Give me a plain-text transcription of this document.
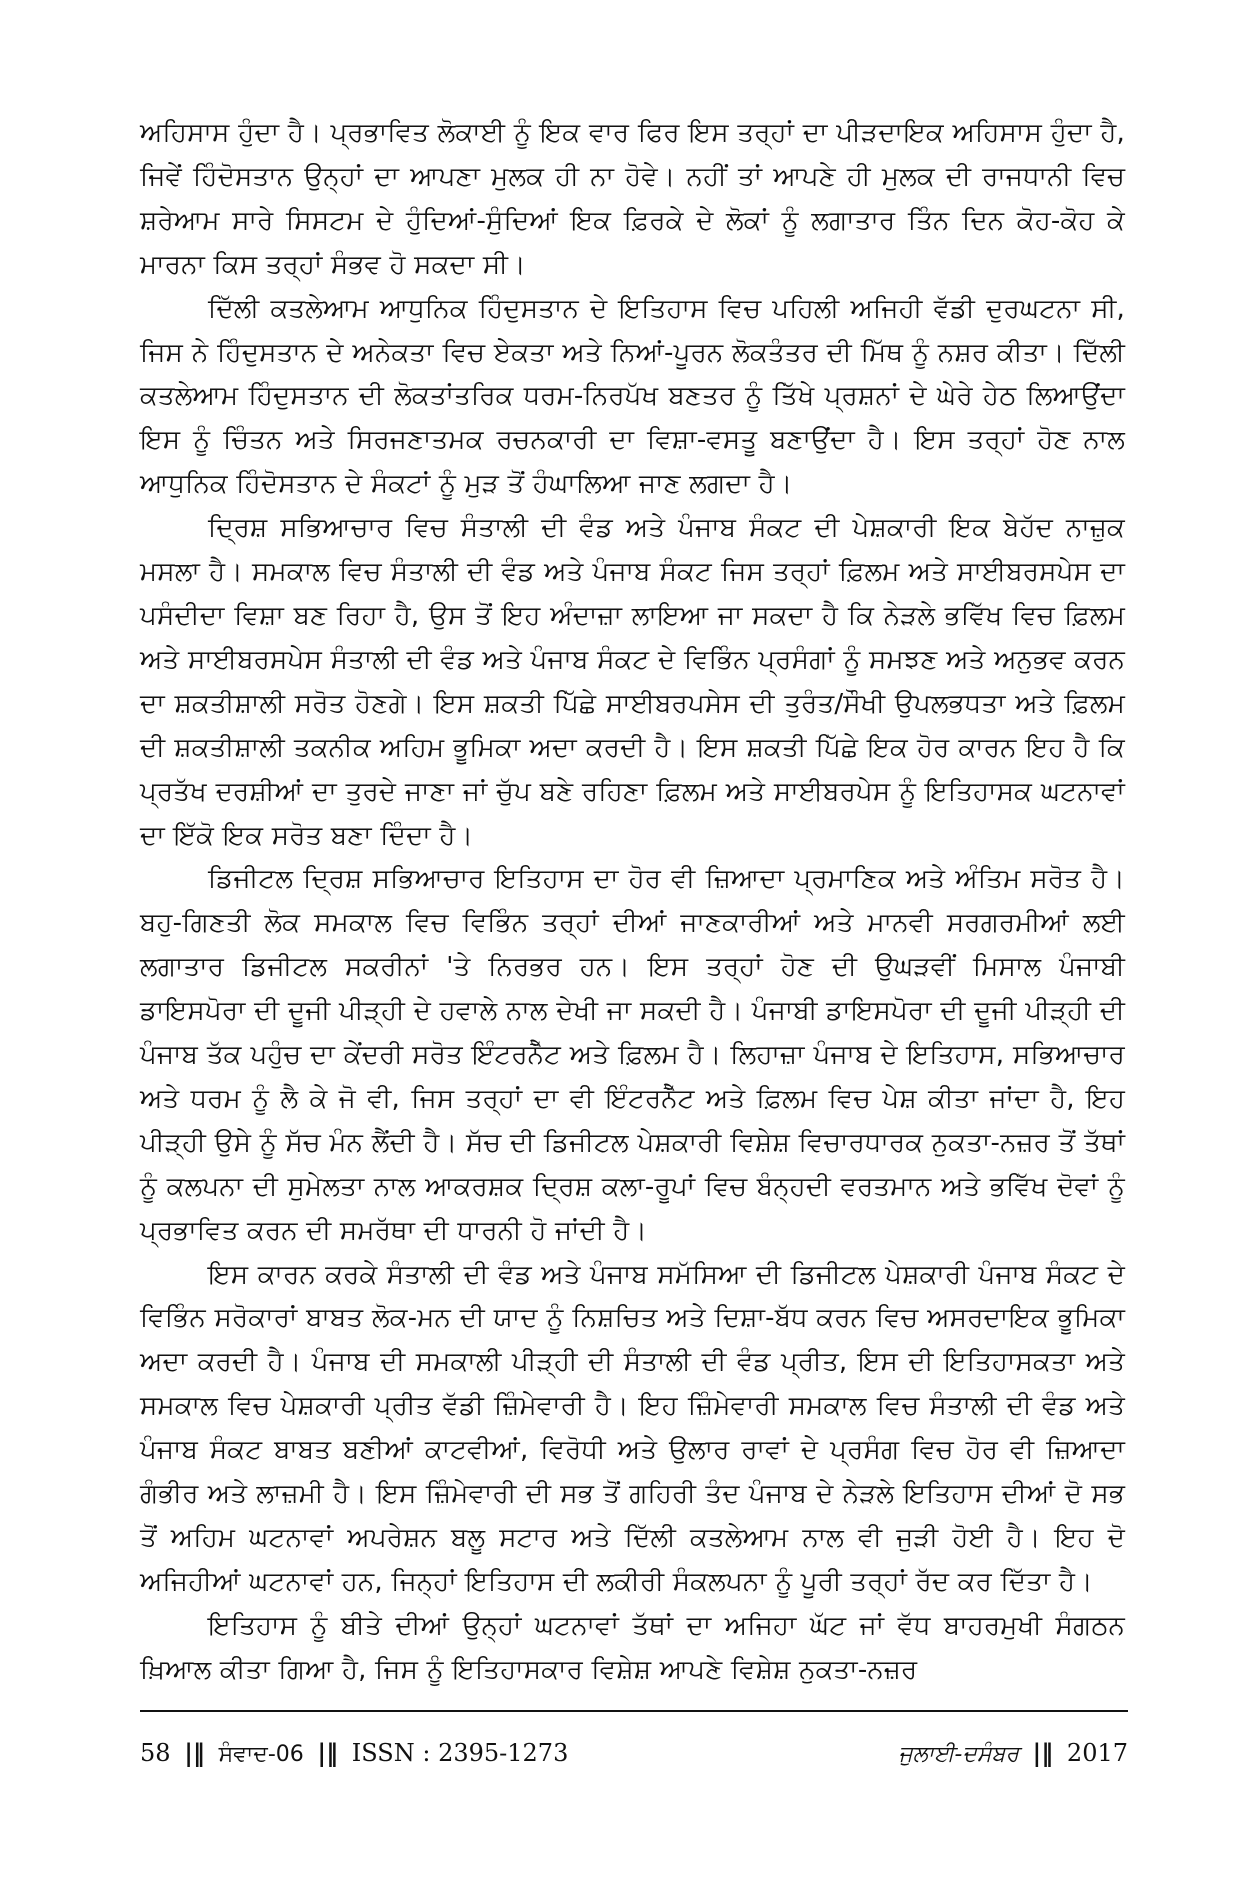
ਅਹਿਸਾਸ ਹੁੰਦਾ ਹੈ। ਪ੍ਰਭਾਵਿਤ ਲੋਕਾਈ ਨੂੰ ਇਕ ਵਾਰ ਫਿਰ ਇਸ ਤਰ੍ਹਾਂ ਦਾ ਪੀੜਦਾਇਕ ਅਹਿਸਾਸ ਹੁੰਦਾ ਹੈ, ਜਿਵੇਂ ਹਿੰਦੋਸਤਾਨ ਉਨ੍ਹਾਂ ਦਾ ਆਪਣਾ ਮੁਲਕ ਹੀ ਨਾ ਹੋਵੇ। ਨਹੀਂ ਤਾਂ ਆਪਣੇ ਹੀ ਮੁਲਕ ਦੀ ਰਾਜਧਾਨੀ ਵਿਚ ਸ਼ਰੇਆਮ ਸਾਰੇ ਸਿਸਟਮ ਦੇ ਹੁੰਦਿਆਂ-ਸੁੰਦਿਆਂ ਇਕ ਫ਼ਿਰਕੇ ਦੇ ਲੋਕਾਂ ਨੂੰ ਲਗਾਤਾਰ ਤਿੰਨ ਦਿਨ ਕੋਹ-ਕੋਹ ਕੇ ਮਾਰਨਾ ਕਿਸ ਤਰ੍ਹਾਂ ਸੰਭਵ ਹੋ ਸਕਦਾ ਸੀ।

ਦਿੱਲੀ ਕਤਲੇਆਮ ਆਧੁਨਿਕ ਹਿੰਦੁਸਤਾਨ ਦੇ ਇਤਿਹਾਸ ਵਿਚ ਪਹਿਲੀ ਅਜਿਹੀ ਵੱਡੀ ਦੁਰਘਟਨਾ ਸੀ, ਜਿਸ ਨੇ ਹਿੰਦੁਸਤਾਨ ਦੇ ਅਨੇਕਤਾ ਵਿਚ ਏਕਤਾ ਅਤੇ ਨਿਆਂ-ਪੂਰਨ ਲੋਕਤੰਤਰ ਦੀ ਮਿੱਥ ਨੂੰ ਨਸ਼ਰ ਕੀਤਾ। ਦਿੱਲੀ ਕਤਲੇਆਮ ਹਿੰਦੁਸਤਾਨ ਦੀ ਲੋਕਤਾਂਤਰਿਕ ਧਰਮ-ਨਿਰਪੱਖ ਬਣਤਰ ਨੂੰ ਤਿੱਖੇ ਪ੍ਰਸ਼ਨਾਂ ਦੇ ਘੇਰੇ ਹੇਠ ਲਿਆਉਂਦਾ ਇਸ ਨੂੰ ਚਿੰਤਨ ਅਤੇ ਸਿਰਜਣਾਤਮਕ ਰਚਨਕਾਰੀ ਦਾ ਵਿਸ਼ਾ-ਵਸਤੂ ਬਣਾਉਂਦਾ ਹੈ। ਇਸ ਤਰ੍ਹਾਂ ਹੋਣ ਨਾਲ ਆਧੁਨਿਕ ਹਿੰਦੋਸਤਾਨ ਦੇ ਸੰਕਟਾਂ ਨੂੰ ਮੁੜ ਤੋਂ ਹੰਘਾਲਿਆ ਜਾਣ ਲਗਦਾ ਹੈ।

ਦ੍ਰਿਸ਼ ਸਭਿਆਚਾਰ ਵਿਚ ਸੰਤਾਲੀ ਦੀ ਵੰਡ ਅਤੇ ਪੰਜਾਬ ਸੰਕਟ ਦੀ ਪੇਸ਼ਕਾਰੀ ਇਕ ਬੇਹੱਦ ਨਾਜ਼ੁਕ ਮਸਲਾ ਹੈ। ਸਮਕਾਲ ਵਿਚ ਸੰਤਾਲੀ ਦੀ ਵੰਡ ਅਤੇ ਪੰਜਾਬ ਸੰਕਟ ਜਿਸ ਤਰ੍ਹਾਂ ਫ਼ਿਲਮ ਅਤੇ ਸਾਈਬਰਸਪੇਸ ਦਾ ਪਸੰਦੀਦਾ ਵਿਸ਼ਾ ਬਣ ਰਿਹਾ ਹੈ, ਉਸ ਤੋਂ ਇਹ ਅੰਦਾਜ਼ਾ ਲਾਇਆ ਜਾ ਸਕਦਾ ਹੈ ਕਿ ਨੇੜਲੇ ਭਵਿੱਖ ਵਿਚ ਫ਼ਿਲਮ ਅਤੇ ਸਾਈਬਰਸਪੇਸ ਸੰਤਾਲੀ ਦੀ ਵੰਡ ਅਤੇ ਪੰਜਾਬ ਸੰਕਟ ਦੇ ਵਿਭਿੰਨ ਪ੍ਰਸੰਗਾਂ ਨੂੰ ਸਮਝਣ ਅਤੇ ਅਨੁਭਵ ਕਰਨ ਦਾ ਸ਼ਕਤੀਸ਼ਾਲੀ ਸਰੋਤ ਹੋਣਗੇ। ਇਸ ਸ਼ਕਤੀ ਪਿੱਛੇ ਸਾਈਬਰਪਸੇਸ ਦੀ ਤੁਰੰਤ/ਸੌਖੀ ਉਪਲਭਧਤਾ ਅਤੇ ਫ਼ਿਲਮ ਦੀ ਸ਼ਕਤੀਸ਼ਾਲੀ ਤਕਨੀਕ ਅਹਿਮ ਭੂਮਿਕਾ ਅਦਾ ਕਰਦੀ ਹੈ। ਇਸ ਸ਼ਕਤੀ ਪਿੱਛੇ ਇਕ ਹੋਰ ਕਾਰਨ ਇਹ ਹੈ ਕਿ ਪ੍ਰਤੱਖ ਦਰਸ਼ੀਆਂ ਦਾ ਤੁਰਦੇ ਜਾਣਾ ਜਾਂ ਚੁੱਪ ਬਣੇ ਰਹਿਣਾ ਫ਼ਿਲਮ ਅਤੇ ਸਾਈਬਰਪੇਸ ਨੂੰ ਇਤਿਹਾਸਕ ਘਟਨਾਵਾਂ ਦਾ ਇੱਕੋ ਇਕ ਸਰੋਤ ਬਣਾ ਦਿੰਦਾ ਹੈ।

ਡਿਜੀਟਲ ਦ੍ਰਿਸ਼ ਸਭਿਆਚਾਰ ਇਤਿਹਾਸ ਦਾ ਹੋਰ ਵੀ ਜ਼ਿਆਦਾ ਪ੍ਰਮਾਣਿਕ ਅਤੇ ਅੰਤਿਮ ਸਰੋਤ ਹੈ। ਬਹੁ-ਗਿਣਤੀ ਲੋਕ ਸਮਕਾਲ ਵਿਚ ਵਿਭਿੰਨ ਤਰ੍ਹਾਂ ਦੀਆਂ ਜਾਣਕਾਰੀਆਂ ਅਤੇ ਮਾਨਵੀ ਸਰਗਰਮੀਆਂ ਲਈ ਲਗਾਤਾਰ ਡਿਜੀਟਲ ਸਕਰੀਨਾਂ 'ਤੇ ਨਿਰਭਰ ਹਨ। ਇਸ ਤਰ੍ਹਾਂ ਹੋਣ ਦੀ ਉਘੜਵੀਂ ਮਿਸਾਲ ਪੰਜਾਬੀ ਡਾਇਸਪੋਰਾ ਦੀ ਦੂਜੀ ਪੀੜ੍ਹੀ ਦੇ ਹਵਾਲੇ ਨਾਲ ਦੇਖੀ ਜਾ ਸਕਦੀ ਹੈ। ਪੰਜਾਬੀ ਡਾਇਸਪੋਰਾ ਦੀ ਦੂਜੀ ਪੀੜ੍ਹੀ ਦੀ ਪੰਜਾਬ ਤੱਕ ਪਹੁੰਚ ਦਾ ਕੇਂਦਰੀ ਸਰੋਤ ਇੰਟਰਨੈੱਟ ਅਤੇ ਫ਼ਿਲਮ ਹੈ। ਲਿਹਾਜ਼ਾ ਪੰਜਾਬ ਦੇ ਇਤਿਹਾਸ, ਸਭਿਆਚਾਰ ਅਤੇ ਧਰਮ ਨੂੰ ਲੈ ਕੇ ਜੋ ਵੀ, ਜਿਸ ਤਰ੍ਹਾਂ ਦਾ ਵੀ ਇੰਟਰਨੈੱਟ ਅਤੇ ਫ਼ਿਲਮ ਵਿਚ ਪੇਸ਼ ਕੀਤਾ ਜਾਂਦਾ ਹੈ, ਇਹ ਪੀੜ੍ਹੀ ਉਸੇ ਨੂੰ ਸੱਚ ਮੰਨ ਲੈਂਦੀ ਹੈ। ਸੱਚ ਦੀ ਡਿਜੀਟਲ ਪੇਸ਼ਕਾਰੀ ਵਿਸ਼ੇਸ਼ ਵਿਚਾਰਧਾਰਕ ਨੁਕਤਾ-ਨਜ਼ਰ ਤੋਂ ਤੱਥਾਂ ਨੂੰ ਕਲਪਨਾ ਦੀ ਸੁਮੇਲਤਾ ਨਾਲ ਆਕਰਸ਼ਕ ਦ੍ਰਿਸ਼ ਕਲਾ-ਰੂਪਾਂ ਵਿਚ ਬੰਨ੍ਹਦੀ ਵਰਤਮਾਨ ਅਤੇ ਭਵਿੱਖ ਦੋਵਾਂ ਨੂੰ ਪ੍ਰਭਾਵਿਤ ਕਰਨ ਦੀ ਸਮਰੱਥਾ ਦੀ ਧਾਰਨੀ ਹੋ ਜਾਂਦੀ ਹੈ।

ਇਸ ਕਾਰਨ ਕਰਕੇ ਸੰਤਾਲੀ ਦੀ ਵੰਡ ਅਤੇ ਪੰਜਾਬ ਸਮੱਸਿਆ ਦੀ ਡਿਜੀਟਲ ਪੇਸ਼ਕਾਰੀ ਪੰਜਾਬ ਸੰਕਟ ਦੇ ਵਿਭਿੰਨ ਸਰੋਕਾਰਾਂ ਬਾਬਤ ਲੋਕ-ਮਨ ਦੀ ਯਾਦ ਨੂੰ ਨਿਸ਼ਚਿਤ ਅਤੇ ਦਿਸ਼ਾ-ਬੱਧ ਕਰਨ ਵਿਚ ਅਸਰਦਾਇਕ ਭੂਮਿਕਾ ਅਦਾ ਕਰਦੀ ਹੈ। ਪੰਜਾਬ ਦੀ ਸਮਕਾਲੀ ਪੀੜ੍ਹੀ ਦੀ ਸੰਤਾਲੀ ਦੀ ਵੰਡ ਪ੍ਰੀਤ, ਇਸ ਦੀ ਇਤਿਹਾਸਕਤਾ ਅਤੇ ਸਮਕਾਲ ਵਿਚ ਪੇਸ਼ਕਾਰੀ ਪ੍ਰੀਤ ਵੱਡੀ ਜ਼ਿੰਮੇਵਾਰੀ ਹੈ। ਇਹ ਜ਼ਿੰਮੇਵਾਰੀ ਸਮਕਾਲ ਵਿਚ ਸੰਤਾਲੀ ਦੀ ਵੰਡ ਅਤੇ ਪੰਜਾਬ ਸੰਕਟ ਬਾਬਤ ਬਣੀਆਂ ਕਾਟਵੀਆਂ, ਵਿਰੋਧੀ ਅਤੇ ਉਲਾਰ ਰਾਵਾਂ ਦੇ ਪ੍ਰਸੰਗ ਵਿਚ ਹੋਰ ਵੀ ਜ਼ਿਆਦਾ ਗੰਭੀਰ ਅਤੇ ਲਾਜ਼ਮੀ ਹੈ। ਇਸ ਜ਼ਿੰਮੇਵਾਰੀ ਦੀ ਸਭ ਤੋਂ ਗਹਿਰੀ ਤੰਦ ਪੰਜਾਬ ਦੇ ਨੇੜਲੇ ਇਤਿਹਾਸ ਦੀਆਂ ਦੋ ਸਭ ਤੋਂ ਅਹਿਮ ਘਟਨਾਵਾਂ ਅਪਰੇਸ਼ਨ ਬਲੂ ਸਟਾਰ ਅਤੇ ਦਿੱਲੀ ਕਤਲੇਆਮ ਨਾਲ ਵੀ ਜੁੜੀ ਹੋਈ ਹੈ। ਇਹ ਦੋ ਅਜਿਹੀਆਂ ਘਟਨਾਵਾਂ ਹਨ, ਜਿਨ੍ਹਾਂ ਇਤਿਹਾਸ ਦੀ ਲਕੀਰੀ ਸੰਕਲਪਨਾ ਨੂੰ ਪੂਰੀ ਤਰ੍ਹਾਂ ਰੱਦ ਕਰ ਦਿੱਤਾ ਹੈ।

ਇਤਿਹਾਸ ਨੂੰ ਬੀਤੇ ਦੀਆਂ ਉਨ੍ਹਾਂ ਘਟਨਾਵਾਂ ਤੱਥਾਂ ਦਾ ਅਜਿਹਾ ਘੱਟ ਜਾਂ ਵੱਧ ਬਾਹਰਮੁਖੀ ਸੰਗਠਨ ਖ਼ਿਆਲ ਕੀਤਾ ਗਿਆ ਹੈ, ਜਿਸ ਨੂੰ ਇਤਿਹਾਸਕਾਰ ਵਿਸ਼ੇਸ਼ ਆਪਣੇ ਵਿਸ਼ੇਸ਼ ਨੁਕਤਾ-ਨਜ਼ਰ

58 |‖ ਸੰਵਾਦ-06 |‖ ISSN : 2395-1273	ਜੁਲਾਈ-ਦਸੰਬਰ |‖ 2017
